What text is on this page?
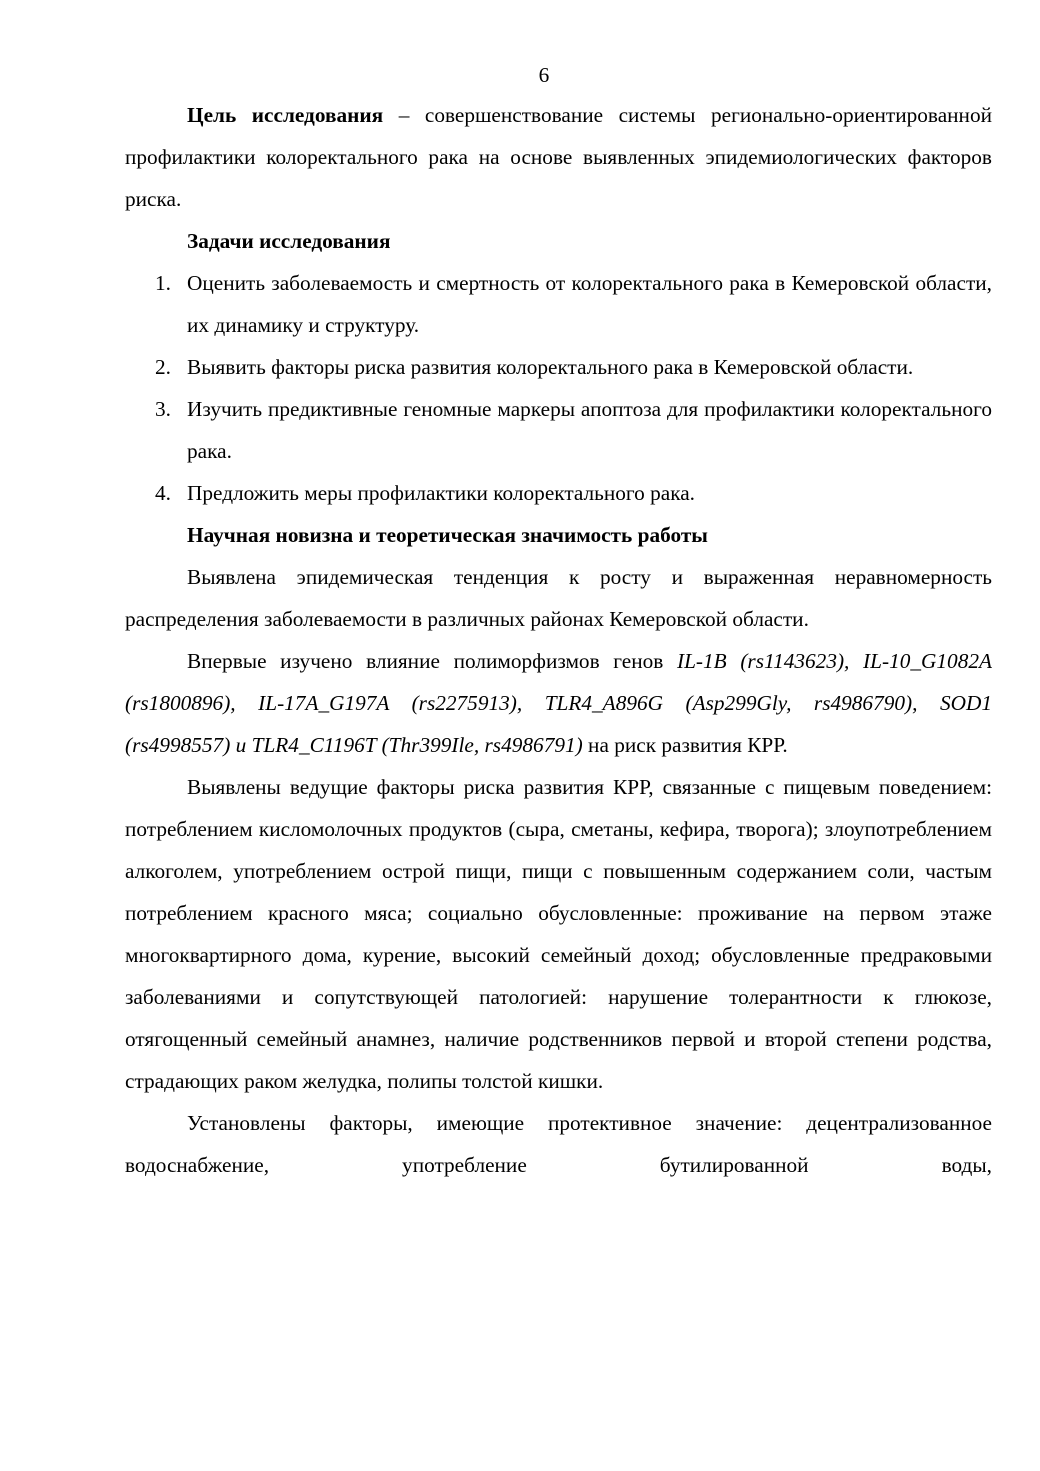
6

Цель исследования – совершенствование системы регионально-ориентированной профилактики колоректального рака на основе выявленных эпидемиологических факторов риска.

Задачи исследования
1. Оценить заболеваемость и смертность от колоректального рака в Кемеровской области, их динамику и структуру.
2. Выявить факторы риска развития колоректального рака в Кемеровской области.
3. Изучить предиктивные геномные маркеры апоптоза для профилактики колоректального рака.
4. Предложить меры профилактики колоректального рака.
Научная новизна и теоретическая значимость работы

Выявлена эпидемическая тенденция к росту и выраженная неравномерность распределения заболеваемости в различных районах Кемеровской области.

Впервые изучено влияние полиморфизмов генов IL-1B (rs1143623), IL-10_G1082A (rs1800896), IL-17A_G197A (rs2275913), TLR4_A896G (Asp299Gly, rs4986790), SOD1 (rs4998557) и TLR4_C1196T (Thr399Ile, rs4986791) на риск развития КРР.

Выявлены ведущие факторы риска развития КРР, связанные с пищевым поведением: потреблением кисломолочных продуктов (сыра, сметаны, кефира, творога); злоупотреблением алкоголем, употреблением острой пищи, пищи с повышенным содержанием соли, частым потреблением красного мяса; социально обусловленные: проживание на первом этаже многоквартирного дома, курение, высокий семейный доход; обусловленные предраковыми заболеваниями и сопутствующей патологией: нарушение толерантности к глюкозе, отягощенный семейный анамнез, наличие родственников первой и второй степени родства, страдающих раком желудка, полипы толстой кишки.

Установлены факторы, имеющие протективное значение: децентрализованное водоснабжение, употребление бутилированной воды,
